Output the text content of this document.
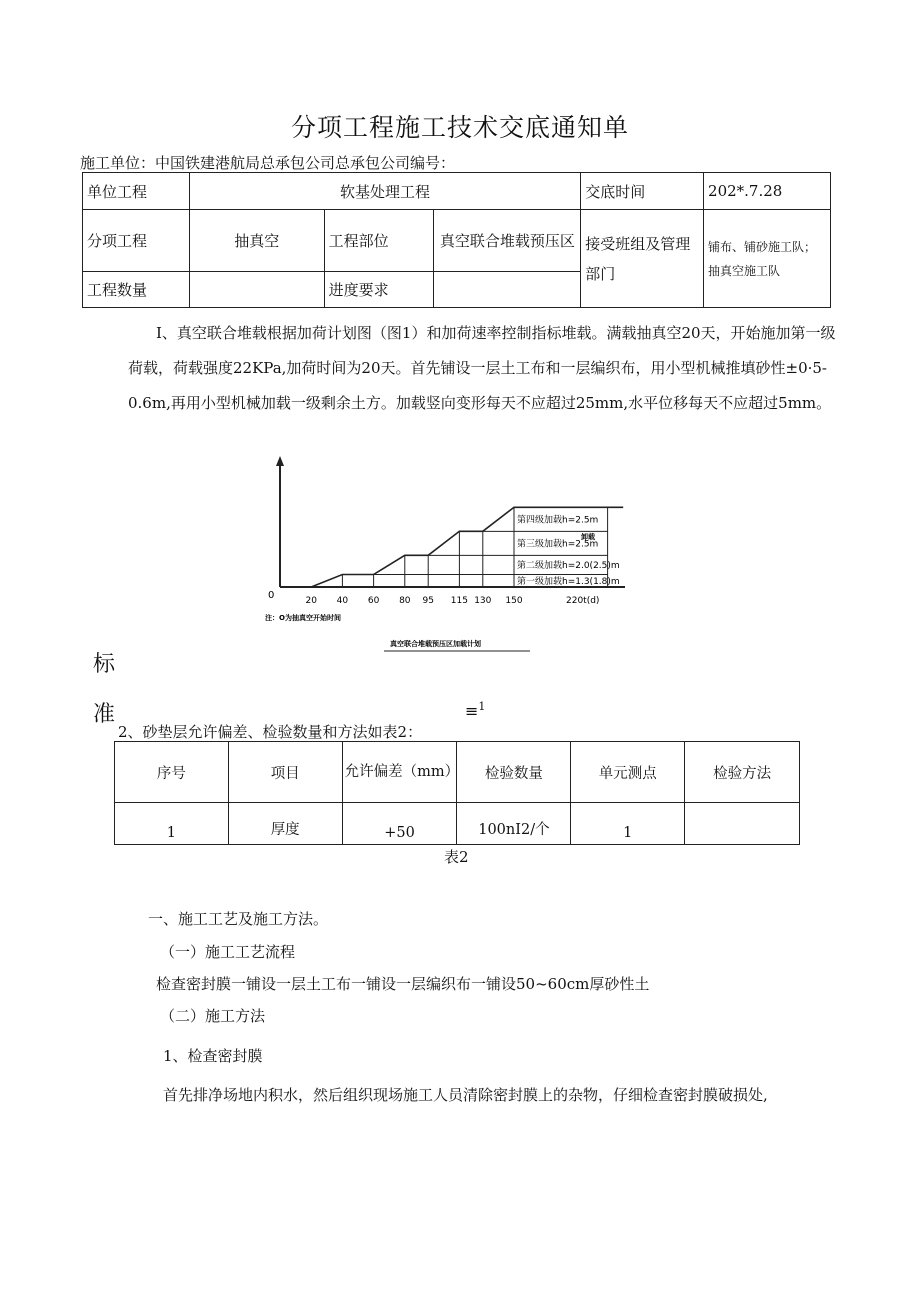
分项工程施工技术交底通知单
施工单位：中国铁建港航局总承包公司总承包公司编号：
单位工程	软基处理工程			交底时间	202*.7.28
分项工程	抽真空	工程部位	真空联合堆载预压区	接受班组及管理部门	铺布、铺砂施工队；抽真空施工队
工程数量		进度要求			
I、真空联合堆载根据加荷计划图（图1）和加荷速率控制指标堆载。满载抽真空20天，开始施加第一级荷载，荷载强度22KPa,加荷时间为20天。首先铺设一层土工布和一层编织布，用小型机械推填砂性±0·5-0.6m,再用小型机械加载一级剩余土方。加载竖向变形每天不应超过25mm,水平位移每天不应超过5mm。
第一级加载h=1.3(1.8)m
第二级加载h=2.0(2.5)m
第三级加载h=2.5m
第四级加载h=2.5m
20 40 60 80 95 115 130 150
0	220t(d)
卸载
注：O为抽真空开始时间
真空联合堆载预压区加载计划
标
准	≡$^1$
2、砂垫层允许偏差、检验数量和方法如表2：
序号	项目	允许偏差（mm）	检验数量	单元测点	检验方法
1	厚度	+50	100nI2/个	1	
表2
一、施工工艺及施工方法。
（一）施工工艺流程
检查密封膜一铺设一层土工布一铺设一层编织布一铺设50~60cm厚砂性土
（二）施工方法
1、检查密封膜
首先排净场地内积水，然后组织现场施工人员清除密封膜上的杂物，仔细检查密封膜破损处,
